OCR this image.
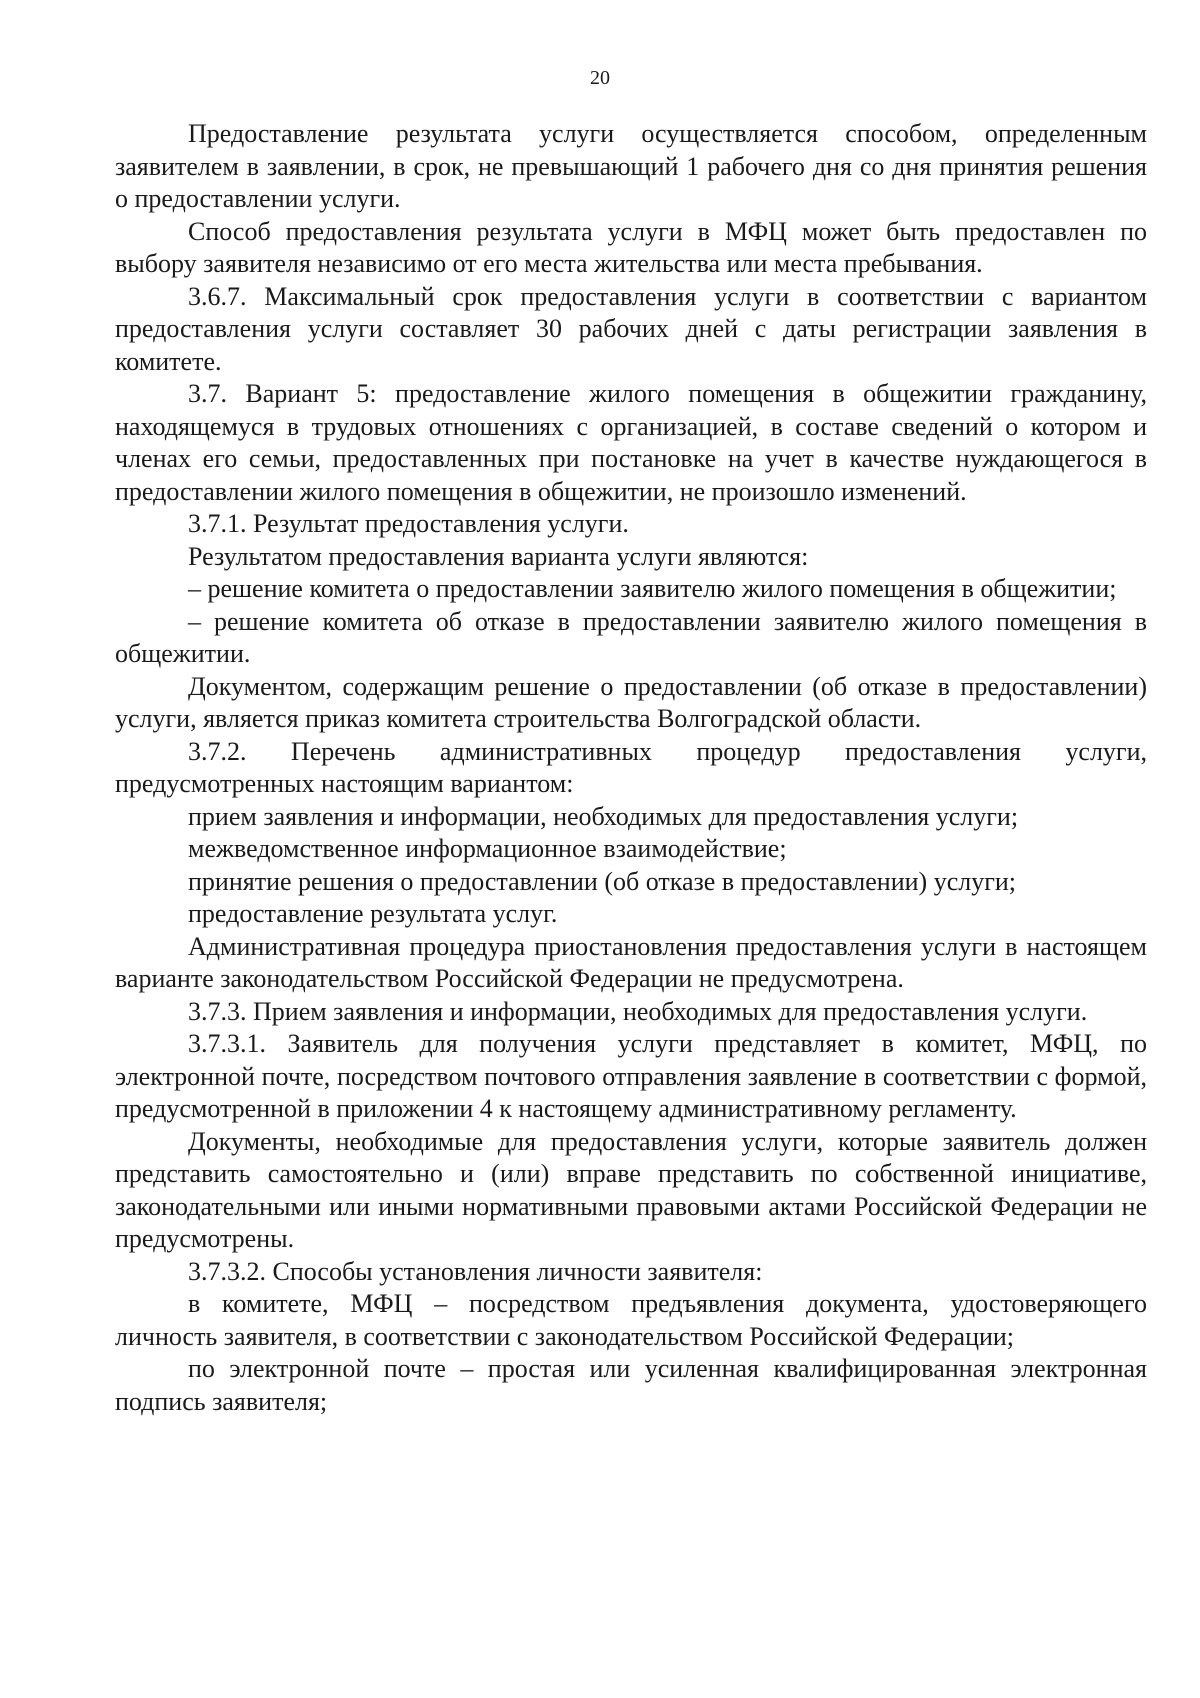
20

Предоставление результата услуги осуществляется способом, определенным заявителем в заявлении, в срок, не превышающий 1 рабочего дня со дня принятия решения о предоставлении услуги.

Способ предоставления результата услуги в МФЦ может быть предоставлен по выбору заявителя независимо от его места жительства или места пребывания.

3.6.7. Максимальный срок предоставления услуги в соответствии с вариантом предоставления услуги составляет 30 рабочих дней с даты регистрации заявления в комитете.

3.7. Вариант 5: предоставление жилого помещения в общежитии гражданину, находящемуся в трудовых отношениях с организацией, в составе сведений о котором и членах его семьи, предоставленных при постановке на учет в качестве нуждающегося в предоставлении жилого помещения в общежитии, не произошло изменений.

3.7.1. Результат предоставления услуги.

Результатом предоставления варианта услуги являются:

– решение комитета о предоставлении заявителю жилого помещения в общежитии;

– решение комитета об отказе в предоставлении заявителю жилого помещения в общежитии.

Документом, содержащим решение о предоставлении (об отказе в предоставлении) услуги, является приказ комитета строительства Волгоградской области.

3.7.2. Перечень административных процедур предоставления услуги, предусмотренных настоящим вариантом:

прием заявления и информации, необходимых для предоставления услуги;

межведомственное информационное взаимодействие;

принятие решения о предоставлении (об отказе в предоставлении) услуги;

предоставление результата услуг.

Административная процедура приостановления предоставления услуги в настоящем варианте законодательством Российской Федерации не предусмотрена.

3.7.3. Прием заявления и информации, необходимых для предоставления услуги.

3.7.3.1. Заявитель для получения услуги представляет в комитет, МФЦ, по электронной почте, посредством почтового отправления заявление в соответствии с формой, предусмотренной в приложении 4 к настоящему административному регламенту.

Документы, необходимые для предоставления услуги, которые заявитель должен представить самостоятельно и (или) вправе представить по собственной инициативе, законодательными или иными нормативными правовыми актами Российской Федерации не предусмотрены.

3.7.3.2. Способы установления личности заявителя:

в комитете, МФЦ – посредством предъявления документа, удостоверяющего личность заявителя, в соответствии с законодательством Российской Федерации;

по электронной почте – простая или усиленная квалифицированная электронная подпись заявителя;
